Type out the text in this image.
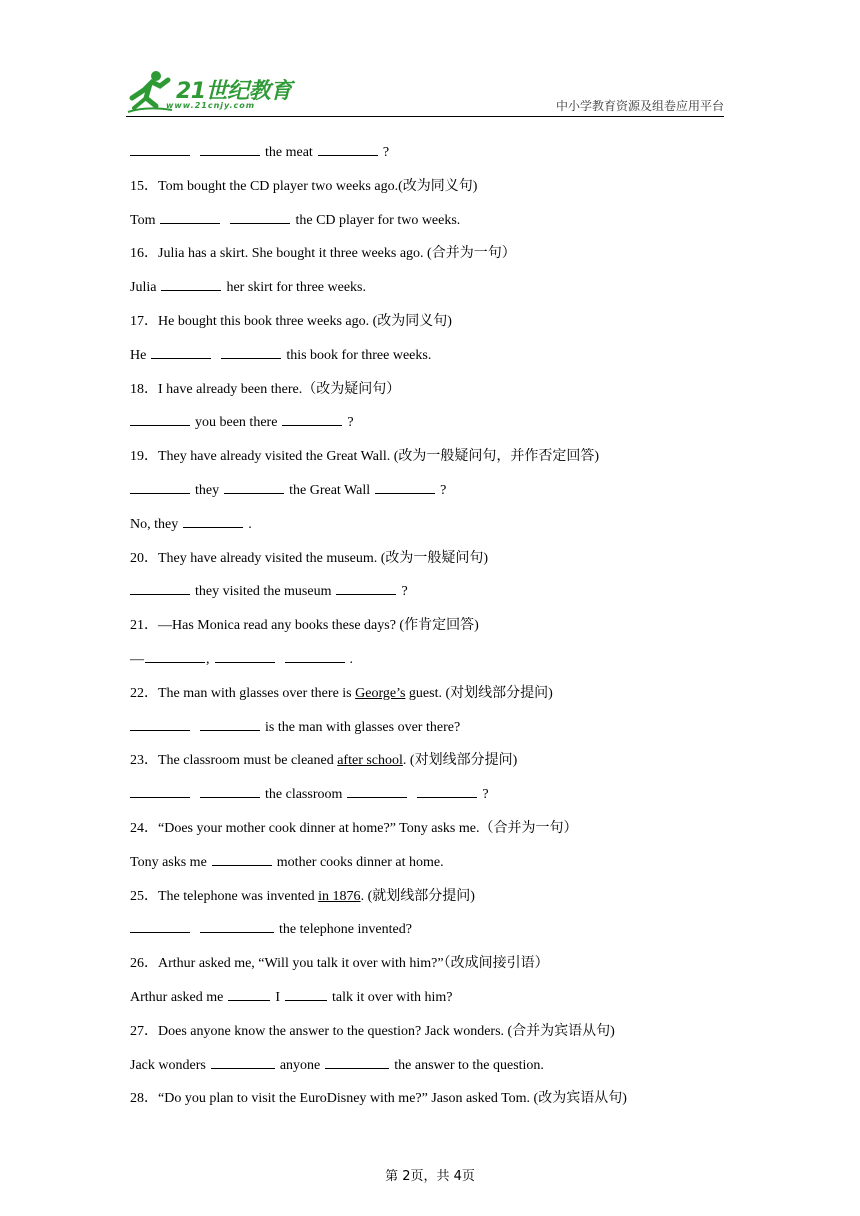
21世纪教育
www.21cnjy.com	中小学教育资源及组卷应用平台
the meat	?
15．Tom bought the CD player two weeks ago.(改为同义句)
Tom	the CD player for two weeks.
16．Julia has a skirt. She bought it three weeks ago. (合并为一句）
Julia	her skirt for three weeks.
17．He bought this book three weeks ago. (改为同义句)
He	this book for three weeks.
18．I have already been there.（改为疑问句）
you been there	?
19．They have already visited the Great Wall. (改为一般疑问句，并作否定回答)
they	the Great Wall	?
No, they	.
20．They have already visited the museum. (改为一般疑问句)
they visited the museum	?
21．—Has Monica read any books these days? (作肯定回答)
—	,	.
22．The man with glasses over there is George’s guest. (对划线部分提问)
is the man with glasses over there?
23．The classroom must be cleaned after school. (对划线部分提问)
the classroom	?
24．“Does your mother cook dinner at home?” Tony asks me.（合并为一句）
Tony asks me	mother cooks dinner at home.
25．The telephone was invented in 1876. (就划线部分提问)
the telephone invented?
26．Arthur asked me, “Will you talk it over with him?”（改成间接引语）
Arthur asked me	I	talk it over with him?
27．Does anyone know the answer to the question? Jack wonders. (合并为宾语从句)
Jack wonders	anyone	the answer to the question.
28．“Do you plan to visit the EuroDisney with me?” Jason asked Tom. (改为宾语从句)
第 2页，共 4页
